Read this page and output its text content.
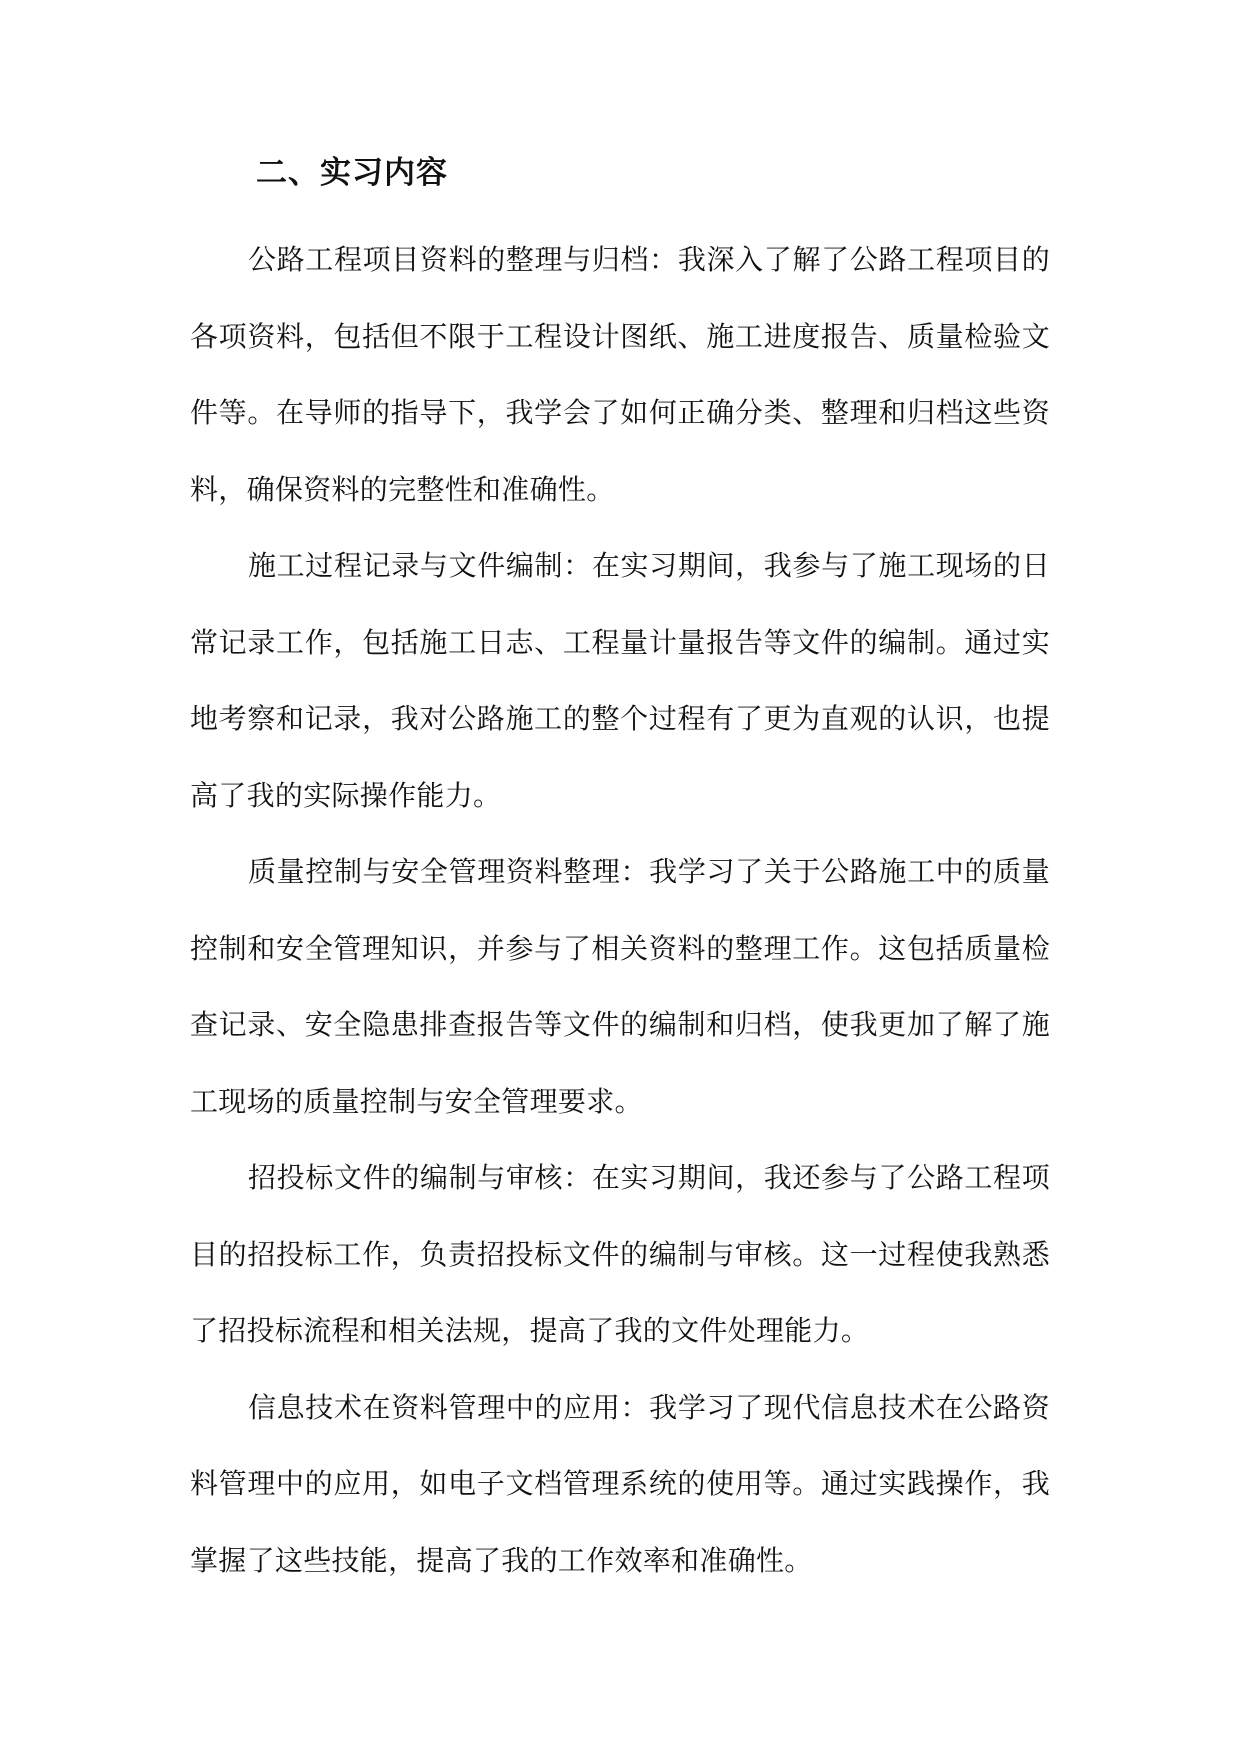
二、实习内容

公路工程项目资料的整理与归档：我深入了解了公路工程项目的各项资料，包括但不限于工程设计图纸、施工进度报告、质量检验文件等。在导师的指导下，我学会了如何正确分类、整理和归档这些资料，确保资料的完整性和准确性。

施工过程记录与文件编制：在实习期间，我参与了施工现场的日常记录工作，包括施工日志、工程量计量报告等文件的编制。通过实地考察和记录，我对公路施工的整个过程有了更为直观的认识，也提高了我的实际操作能力。

质量控制与安全管理资料整理：我学习了关于公路施工中的质量控制和安全管理知识，并参与了相关资料的整理工作。这包括质量检查记录、安全隐患排查报告等文件的编制和归档，使我更加了解了施工现场的质量控制与安全管理要求。

招投标文件的编制与审核：在实习期间，我还参与了公路工程项目的招投标工作，负责招投标文件的编制与审核。这一过程使我熟悉了招投标流程和相关法规，提高了我的文件处理能力。

信息技术在资料管理中的应用：我学习了现代信息技术在公路资料管理中的应用，如电子文档管理系统的使用等。通过实践操作，我掌握了这些技能，提高了我的工作效率和准确性。
